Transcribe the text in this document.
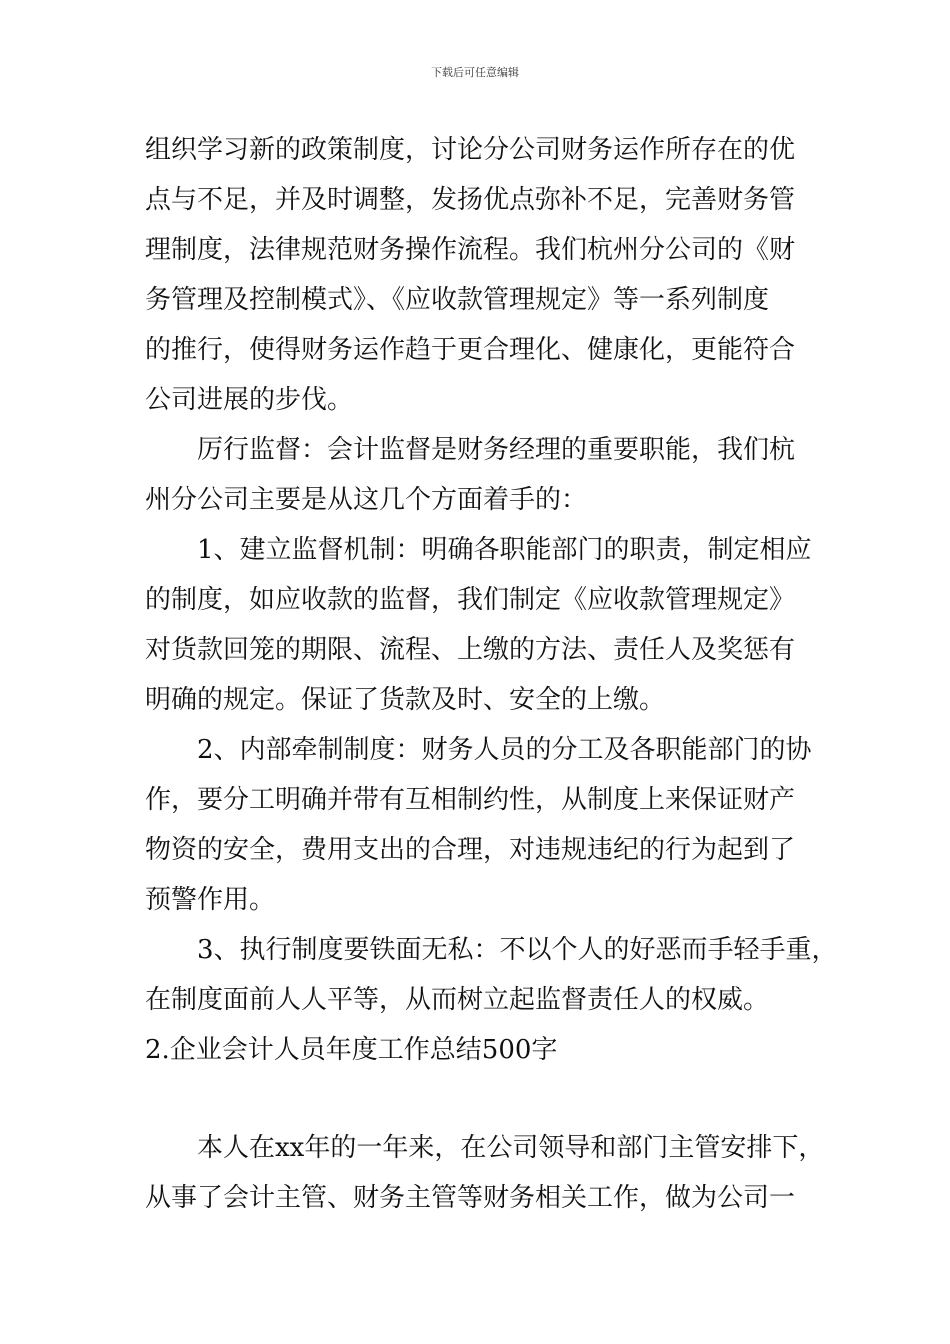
下载后可任意编辑
组织学习新的政策制度，讨论分公司财务运作所存在的优
点与不足，并及时调整，发扬优点弥补不足，完善财务管
理制度，法律规范财务操作流程。我们杭州分公司的《财
务管理及控制模式》、《应收款管理规定》等一系列制度
的推行，使得财务运作趋于更合理化、健康化，更能符合
公司进展的步伐。
厉行监督：会计监督是财务经理的重要职能，我们杭
州分公司主要是从这几个方面着手的：
1、建立监督机制：明确各职能部门的职责，制定相应
的制度，如应收款的监督，我们制定《应收款管理规定》
对货款回笼的期限、流程、上缴的方法、责任人及奖惩有
明确的规定。保证了货款及时、安全的上缴。
2、内部牵制制度：财务人员的分工及各职能部门的协
作，要分工明确并带有互相制约性，从制度上来保证财产
物资的安全，费用支出的合理，对违规违纪的行为起到了
预警作用。
3、执行制度要铁面无私：不以个人的好恶而手轻手重，
在制度面前人人平等，从而树立起监督责任人的权威。
2.企业会计人员年度工作总结500字
本人在xx年的一年来，在公司领导和部门主管安排下，
从事了会计主管、财务主管等财务相关工作，做为公司一
